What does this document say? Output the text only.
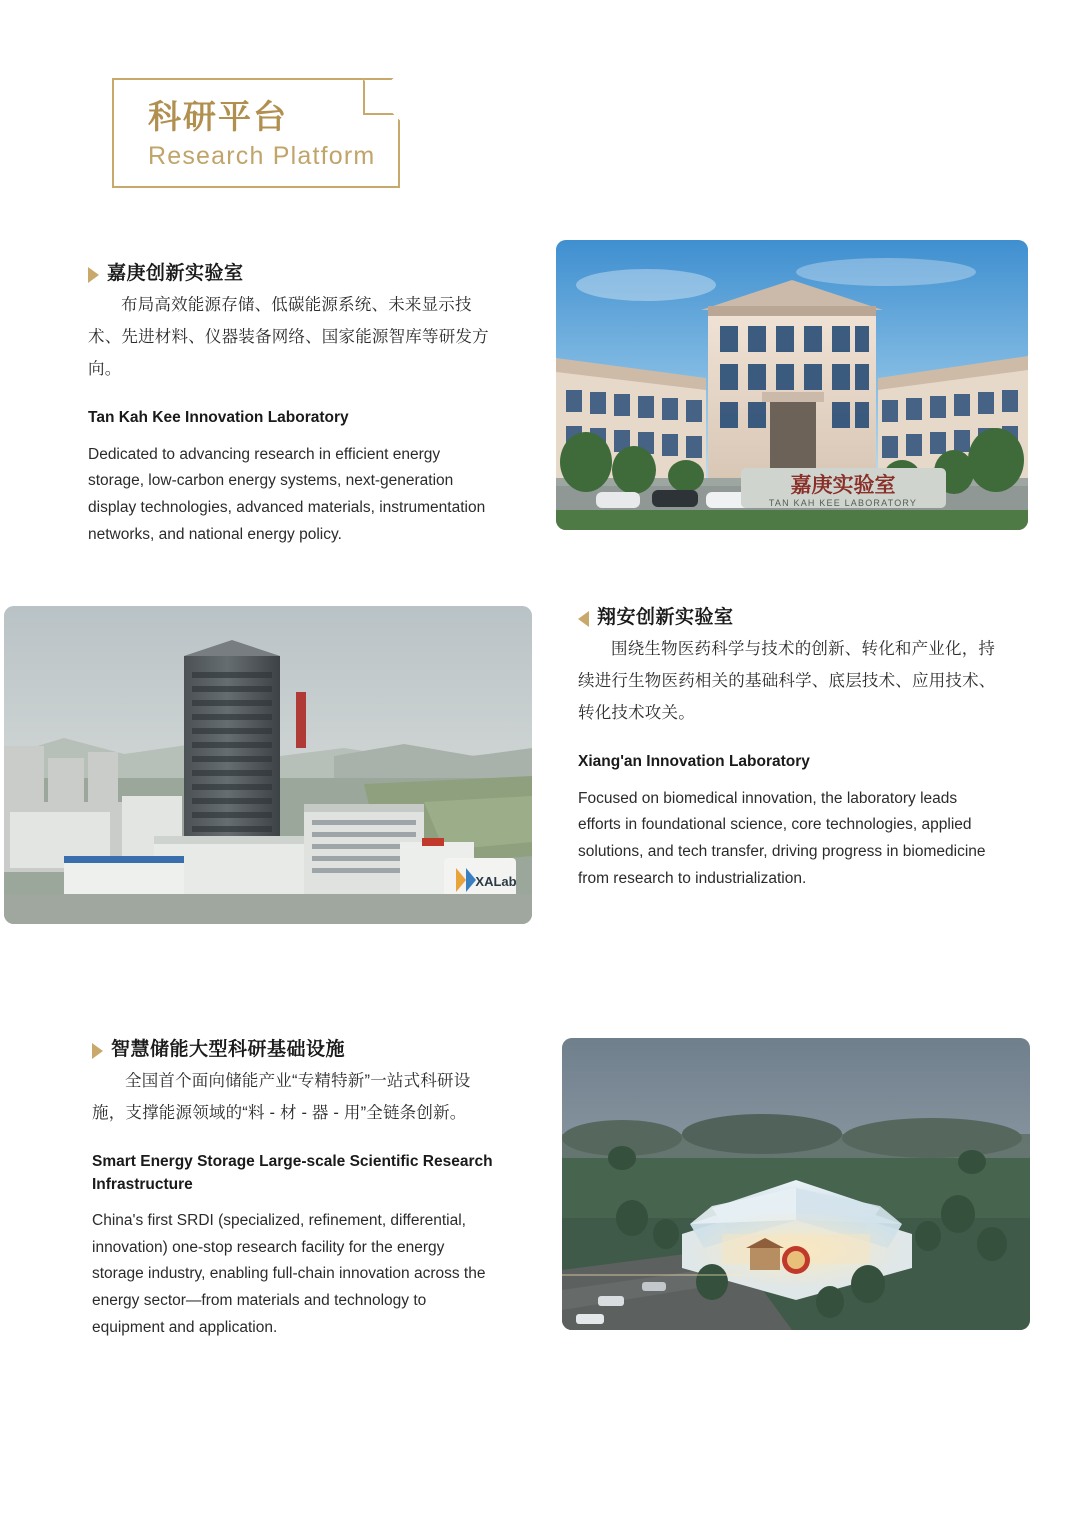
科研平台
Research Platform
嘉庚创新实验室
布局高效能源存储、低碳能源系统、未来显示技术、先进材料、仪器装备网络、国家能源智库等研发方向。
Tan Kah Kee Innovation Laboratory
Dedicated to advancing research in efficient energy storage, low-carbon energy systems, next-generation display technologies, advanced materials, instrumentation networks, and national energy policy.
嘉庚实验室
TAN KAH KEE LABORATORY
XALab
翔安创新实验室
围绕生物医药科学与技术的创新、转化和产业化，持续进行生物医药相关的基础科学、底层技术、应用技术、转化技术攻关。
Xiang'an Innovation Laboratory
Focused on biomedical innovation, the laboratory leads efforts in foundational science, core technologies, applied solutions, and tech transfer, driving progress in biomedicine from research to industrialization.
智慧储能大型科研基础设施
全国首个面向储能产业“专精特新”一站式科研设施，支撑能源领域的“料 - 材 - 器 - 用”全链条创新。
Smart Energy Storage Large-scale Scientific Research Infrastructure
China's first SRDI (specialized, refinement, differential, innovation) one-stop research facility for the energy storage industry, enabling full-chain innovation across the energy sector—from materials and technology to equipment and application.
